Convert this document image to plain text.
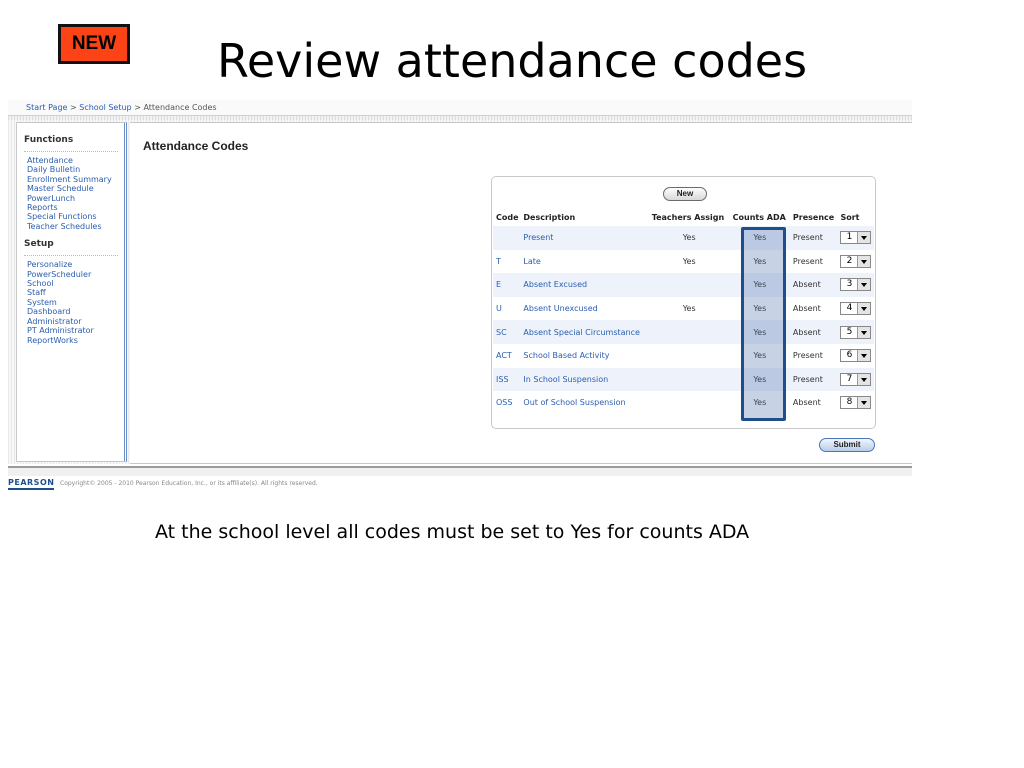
NEW	Review attendance codes
Start Page > School Setup > Attendance Codes
Functions
Attendance
Daily Bulletin
Enrollment Summary
Master Schedule
PowerLunch
Reports
Special Functions
Teacher Schedules
Setup
Personalize
PowerScheduler
School
Staff
System
Dashboard
Administrator
PT Administrator
ReportWorks
Attendance Codes
New
Code	Description	Teachers Assign	Counts ADA	Presence	Sort
	Present	Yes	Yes	Present	1

T	Late	Yes	Yes	Present	2

E	Absent Excused		Yes	Absent	3

U	Absent Unexcused	Yes	Yes	Absent	4

SC	Absent Special Circumstance		Yes	Absent	5

ACT	School Based Activity		Yes	Present	6

ISS	In School Suspension		Yes	Present	7

OSS	Out of School Suspension		Yes	Absent	8
Submit
PEARSON Copyright© 2005 - 2010 Pearson Education, Inc., or its affiliate(s). All rights reserved.
At the school level all codes must be set to Yes for counts ADA
